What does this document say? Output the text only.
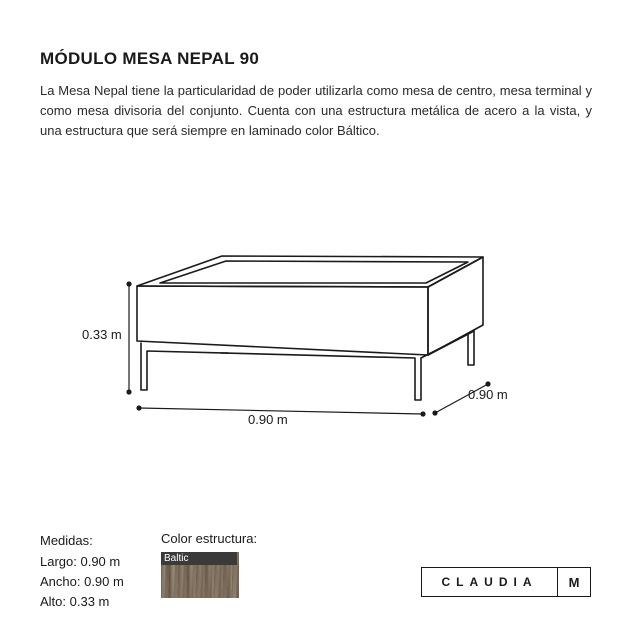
MÓDULO MESA NEPAL 90

La Mesa Nepal tiene la particularidad de poder utilizarla como mesa de centro, mesa terminal y como mesa divisoria del conjunto. Cuenta con una estructura metálica de acero a la vista, y una estructura que será siempre en laminado color Báltico.

0.33 m
0.90 m
0.90 m
Medidas:
Largo: 0.90 m
Ancho: 0.90 m
Alto: 0.33 m
Color estructura:
Baltic
CLAUDIA	M
